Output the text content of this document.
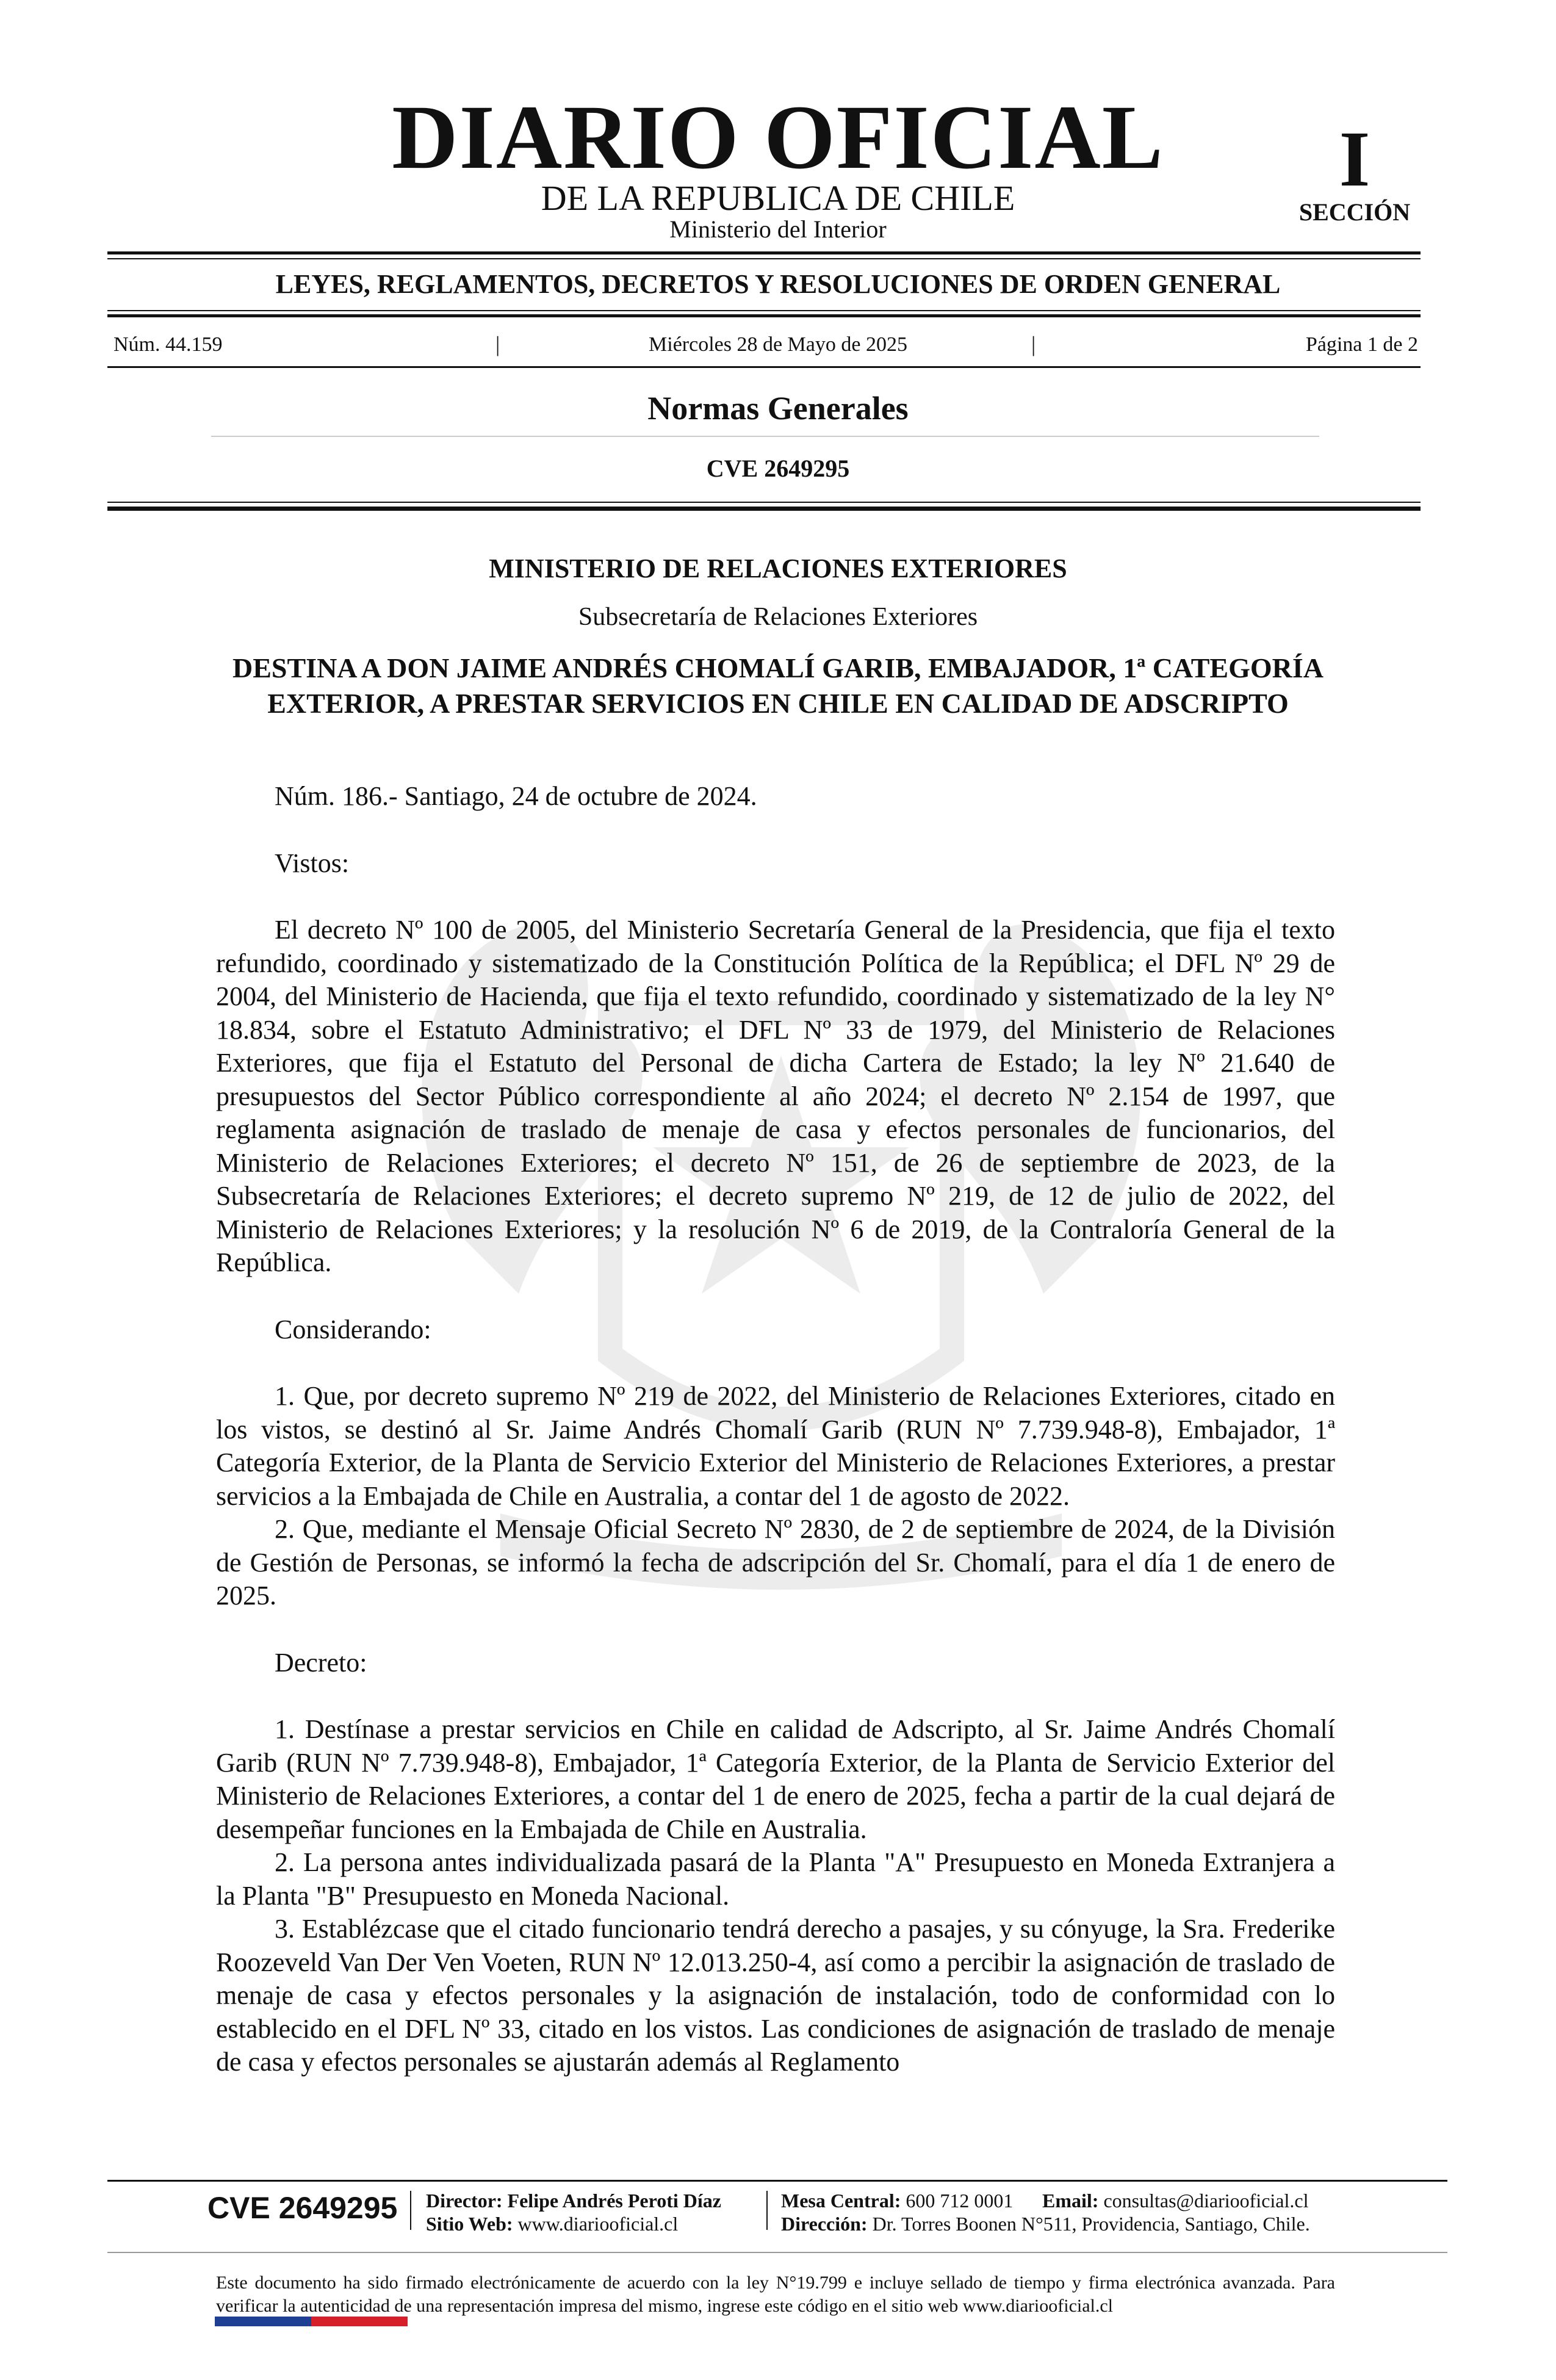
DIARIO OFICIAL
DE LA REPUBLICA DE CHILE
Ministerio del Interior
I
SECCIÓN
LEYES, REGLAMENTOS, DECRETOS Y RESOLUCIONES DE ORDEN GENERAL
Núm. 44.159	|	Miércoles 28 de Mayo de 2025	|	Página 1 de 2
Normas Generales
CVE 2649295
MINISTERIO DE RELACIONES EXTERIORES
Subsecretaría de Relaciones Exteriores
DESTINA A DON JAIME ANDRÉS CHOMALÍ GARIB, EMBAJADOR, 1ª CATEGORÍA EXTERIOR, A PRESTAR SERVICIOS EN CHILE EN CALIDAD DE ADSCRIPTO

Núm. 186.- Santiago, 24 de octubre de 2024.

Vistos:

El decreto Nº 100 de 2005, del Ministerio Secretaría General de la Presidencia, que fija el texto refundido, coordinado y sistematizado de la Constitución Política de la República; el DFL Nº 29 de 2004, del Ministerio de Hacienda, que fija el texto refundido, coordinado y sistematizado de la ley N° 18.834, sobre el Estatuto Administrativo; el DFL Nº 33 de 1979, del Ministerio de Relaciones Exteriores, que fija el Estatuto del Personal de dicha Cartera de Estado; la ley Nº 21.640 de presupuestos del Sector Público correspondiente al año 2024; el decreto Nº 2.154 de 1997, que reglamenta asignación de traslado de menaje de casa y efectos personales de funcionarios, del Ministerio de Relaciones Exteriores; el decreto Nº 151, de 26 de septiembre de 2023, de la Subsecretaría de Relaciones Exteriores; el decreto supremo Nº 219, de 12 de julio de 2022, del Ministerio de Relaciones Exteriores; y la resolución Nº 6 de 2019, de la Contraloría General de la República.

Considerando:

1. Que, por decreto supremo Nº 219 de 2022, del Ministerio de Relaciones Exteriores, citado en los vistos, se destinó al Sr. Jaime Andrés Chomalí Garib (RUN Nº 7.739.948-8), Embajador, 1ª Categoría Exterior, de la Planta de Servicio Exterior del Ministerio de Relaciones Exteriores, a prestar servicios a la Embajada de Chile en Australia, a contar del 1 de agosto de 2022.

2. Que, mediante el Mensaje Oficial Secreto Nº 2830, de 2 de septiembre de 2024, de la División de Gestión de Personas, se informó la fecha de adscripción del Sr. Chomalí, para el día 1 de enero de 2025.

Decreto:

1. Destínase a prestar servicios en Chile en calidad de Adscripto, al Sr. Jaime Andrés Chomalí Garib (RUN Nº 7.739.948-8), Embajador, 1ª Categoría Exterior, de la Planta de Servicio Exterior del Ministerio de Relaciones Exteriores, a contar del 1 de enero de 2025, fecha a partir de la cual dejará de desempeñar funciones en la Embajada de Chile en Australia.

2. La persona antes individualizada pasará de la Planta "A" Presupuesto en Moneda Extranjera a la Planta "B" Presupuesto en Moneda Nacional.

3. Establézcase que el citado funcionario tendrá derecho a pasajes, y su cónyuge, la Sra. Frederike Roozeveld Van Der Ven Voeten, RUN Nº 12.013.250-4, así como a percibir la asignación de traslado de menaje de casa y efectos personales y la asignación de instalación, todo de conformidad con lo establecido en el DFL Nº 33, citado en los vistos. Las condiciones de asignación de traslado de menaje de casa y efectos personales se ajustarán además al Reglamento

CVE 2649295 Director: Felipe Andrés Peroti Díaz
Sitio Web: www.diariooficial.cl
Mesa Central: 600 712 0001 Email: consultas@diariooficial.cl
Dirección: Dr. Torres Boonen N°511, Providencia, Santiago, Chile.
Este documento ha sido firmado electrónicamente de acuerdo con la ley N°19.799 e incluye sellado de tiempo y firma electrónica avanzada. Para verificar la autenticidad de una representación impresa del mismo, ingrese este código en el sitio web www.diariooficial.cl
